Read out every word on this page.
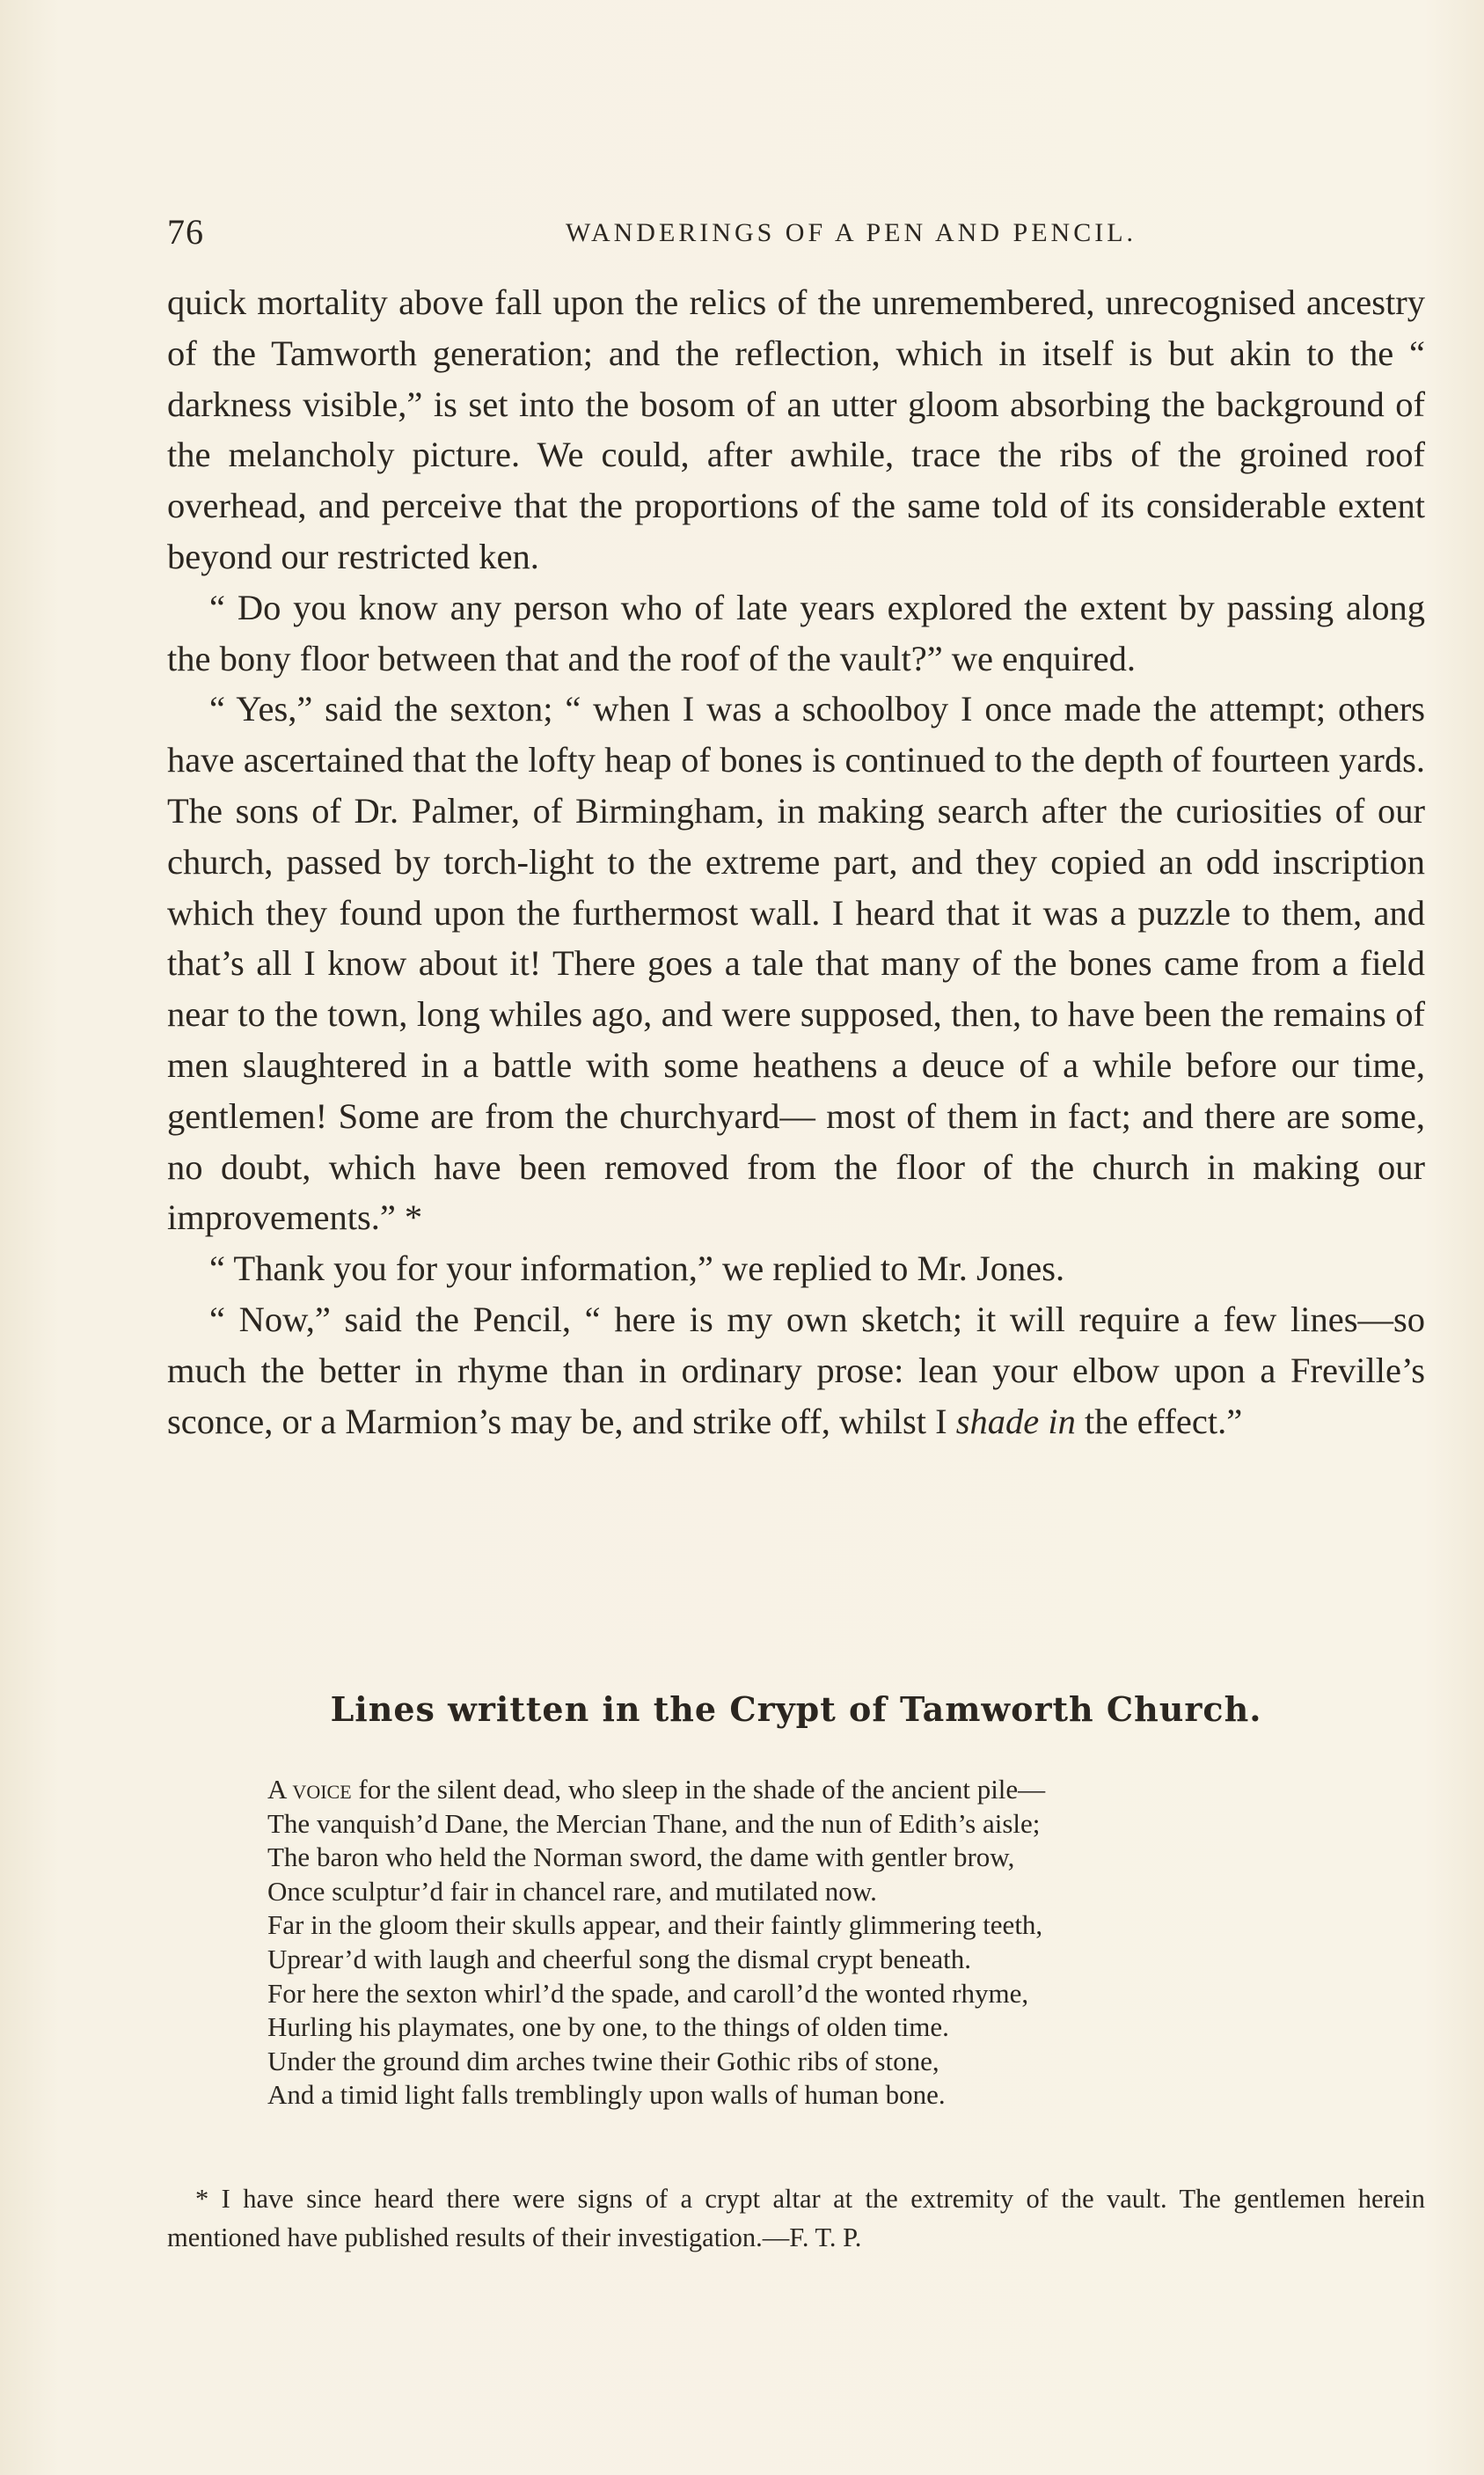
76	WANDERINGS OF A PEN AND PENCIL.

quick mortality above fall upon the relics of the unremembered, unrecognised ancestry of the Tamworth generation; and the reflection, which in itself is but akin to the “ darkness visible,” is set into the bosom of an utter gloom absorbing the background of the melancholy picture. We could, after awhile, trace the ribs of the groined roof overhead, and perceive that the proportions of the same told of its considerable extent beyond our restricted ken.

“ Do you know any person who of late years explored the extent by passing along the bony floor between that and the roof of the vault?” we enquired.

“ Yes,” said the sexton; “ when I was a schoolboy I once made the attempt; others have ascertained that the lofty heap of bones is continued to the depth of fourteen yards. The sons of Dr. Palmer, of Birmingham, in making search after the curiosities of our church, passed by torch-light to the extreme part, and they copied an odd inscription which they found upon the furthermost wall. I heard that it was a puzzle to them, and that’s all I know about it! There goes a tale that many of the bones came from a field near to the town, long whiles ago, and were supposed, then, to have been the remains of men slaughtered in a battle with some heathens a deuce of a while before our time, gentlemen! Some are from the churchyard— most of them in fact; and there are some, no doubt, which have been removed from the floor of the church in making our improvements.” *

“ Thank you for your information,” we replied to Mr. Jones.

“ Now,” said the Pencil, “ here is my own sketch; it will require a few lines—so much the better in rhyme than in ordinary prose: lean your elbow upon a Freville’s sconce, or a Marmion’s may be, and strike off, whilst I shade in the effect.”

Lines written in the Crypt of Tamworth Church.
A voice for the silent dead, who sleep in the shade of the ancient pile—
The vanquish’d Dane, the Mercian Thane, and the nun of Edith’s aisle;
The baron who held the Norman sword, the dame with gentler brow,
Once sculptur’d fair in chancel rare, and mutilated now.
Far in the gloom their skulls appear, and their faintly glimmering teeth,
Uprear’d with laugh and cheerful song the dismal crypt beneath.
For here the sexton whirl’d the spade, and caroll’d the wonted rhyme,
Hurling his playmates, one by one, to the things of olden time.
Under the ground dim arches twine their Gothic ribs of stone,
And a timid light falls tremblingly upon walls of human bone.
* I have since heard there were signs of a crypt altar at the extremity of the vault. The gentlemen herein mentioned have published results of their investigation.—F. T. P.
